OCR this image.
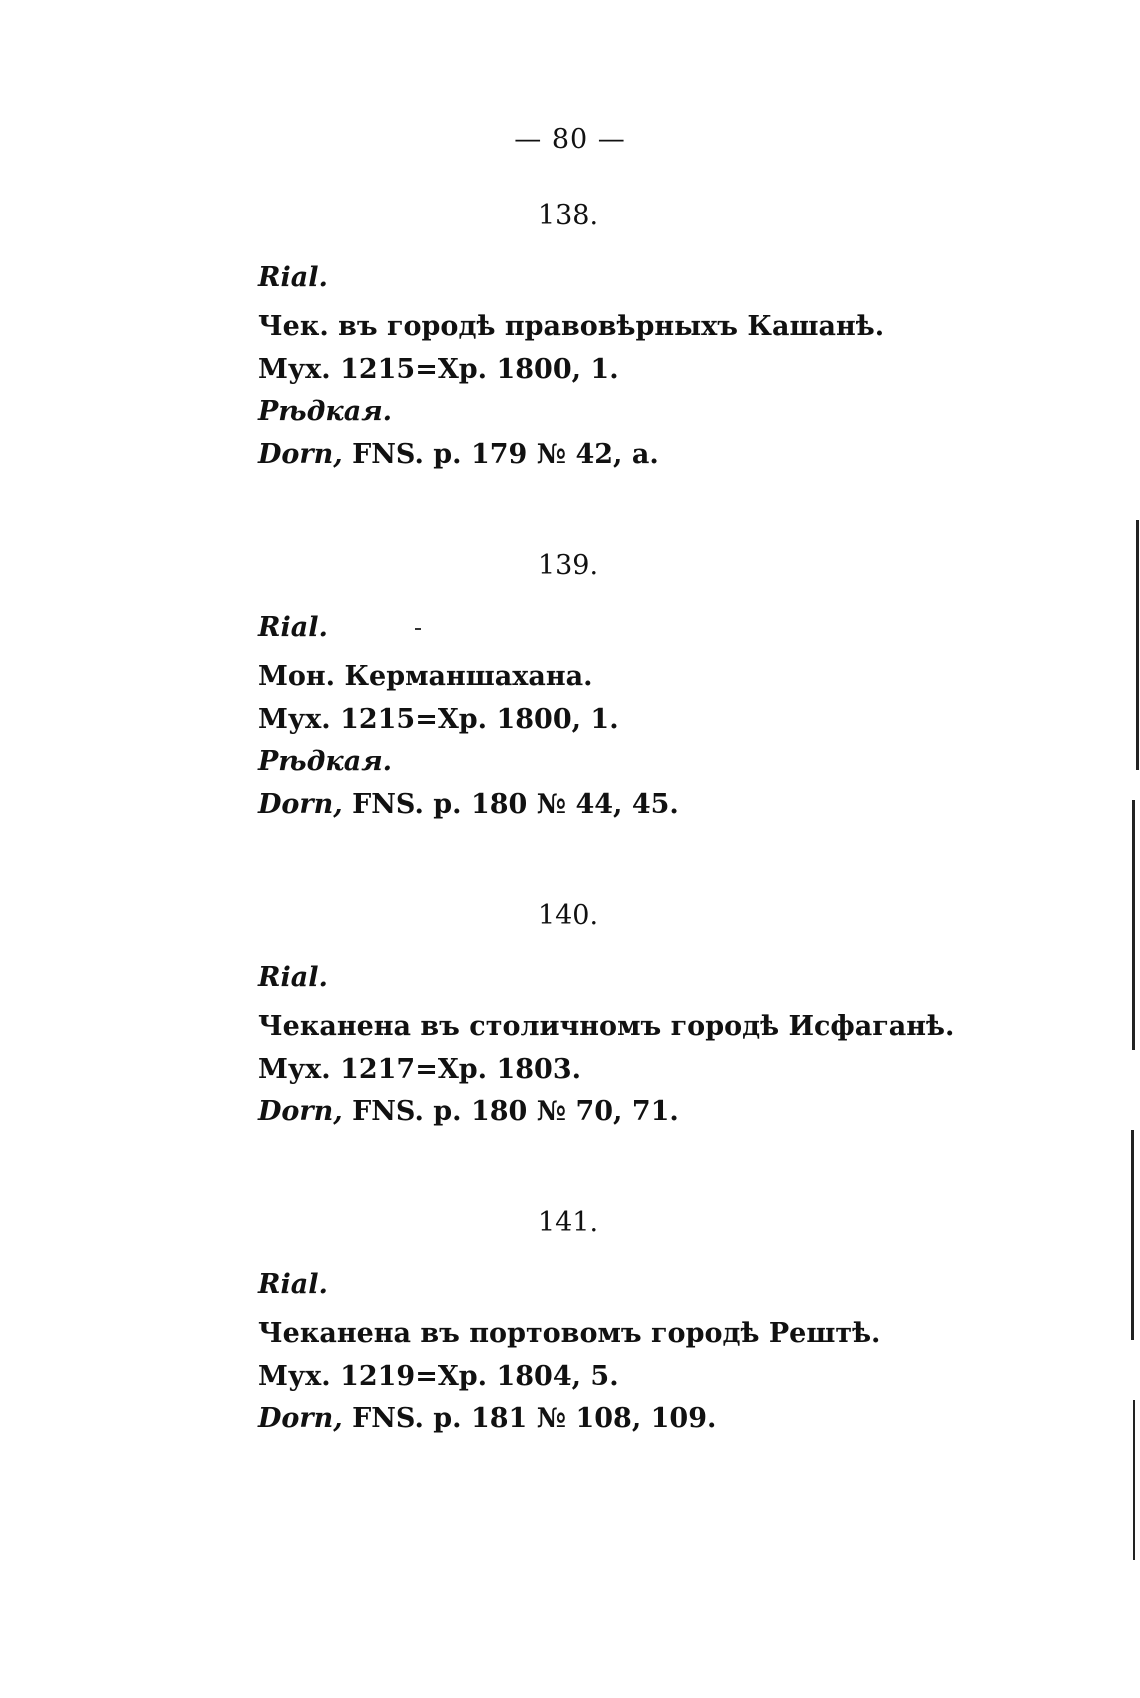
— 80 —
138.
Rial.
Чек. въ городѣ правовѣрныхъ Кашанѣ.
Мух. 1215=Хр. 1800, 1.
Рѣдкая.
Dorn, FNS. p. 179 № 42, a.
139.
Rial.
Мон. Керманшахана.
Мух. 1215=Хр. 1800, 1.
Рѣдкая.
Dorn, FNS. p. 180 № 44, 45.
140.
Rial.
Чеканена въ столичномъ городѣ Исфаганѣ.
Мух. 1217=Хр. 1803.
Dorn, FNS. p. 180 № 70, 71.
141.
Rial.
Чеканена въ портовомъ городѣ Рештѣ.
Мух. 1219=Хр. 1804, 5.
Dorn, FNS. p. 181 № 108, 109.
